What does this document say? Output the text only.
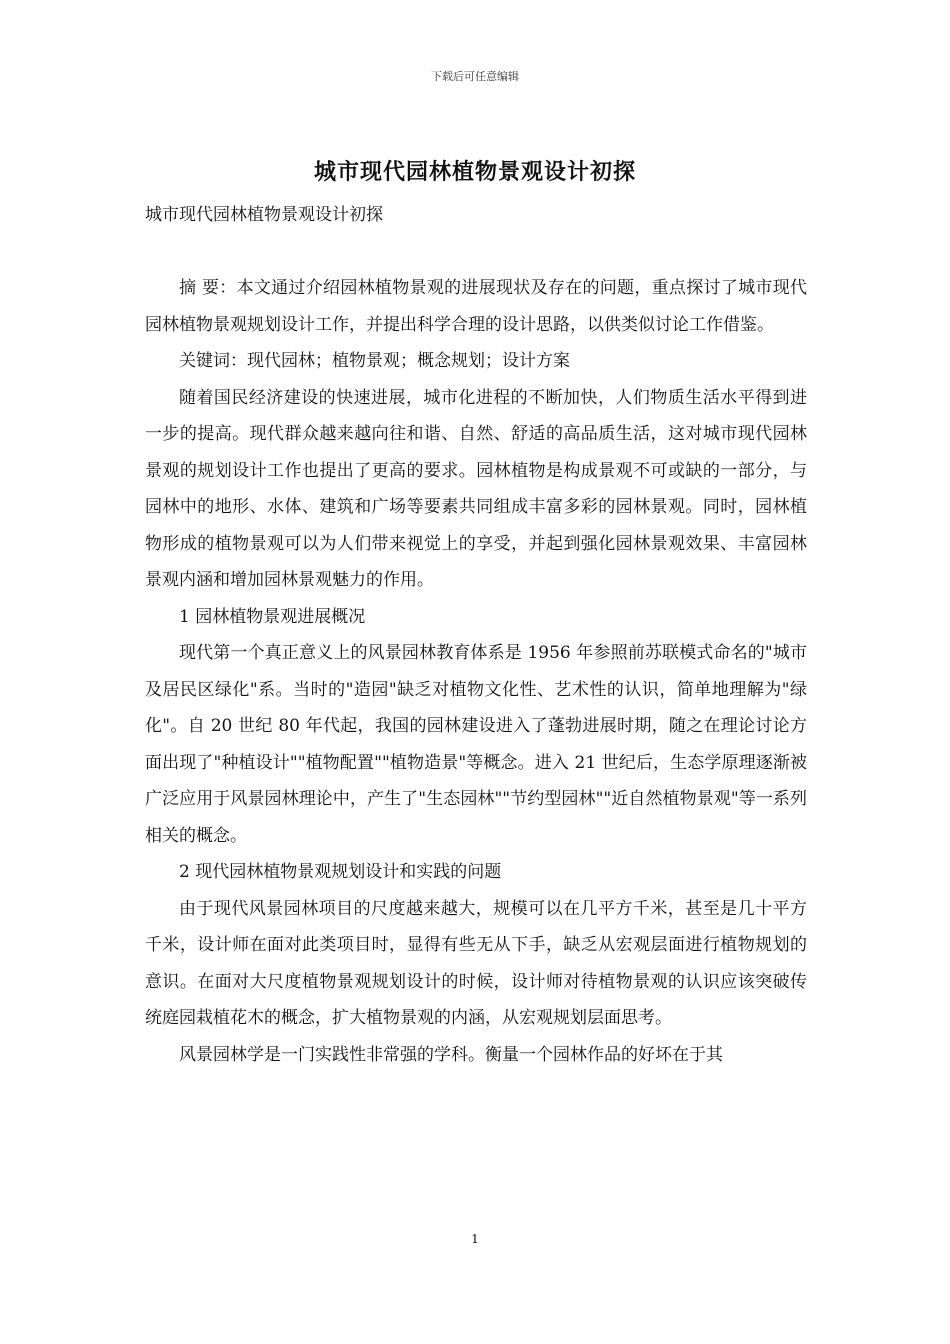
下载后可任意编辑
城市现代园林植物景观设计初探
城市现代园林植物景观设计初探

摘 要：本文通过介绍园林植物景观的进展现状及存在的问题，重点探讨了城市现代园林植物景观规划设计工作，并提出科学合理的设计思路，以供类似讨论工作借鉴。

关键词：现代园林；植物景观；概念规划；设计方案

随着国民经济建设的快速进展，城市化进程的不断加快，人们物质生活水平得到进一步的提高。现代群众越来越向往和谐、自然、舒适的高品质生活，这对城市现代园林景观的规划设计工作也提出了更高的要求。园林植物是构成景观不可或缺的一部分，与园林中的地形、水体、建筑和广场等要素共同组成丰富多彩的园林景观。同时，园林植物形成的植物景观可以为人们带来视觉上的享受，并起到强化园林景观效果、丰富园林景观内涵和增加园林景观魅力的作用。

1 园林植物景观进展概况

现代第一个真正意义上的风景园林教育体系是 1956 年参照前苏联模式命名的"城市及居民区绿化"系。当时的"造园"缺乏对植物文化性、艺术性的认识，简单地理解为"绿化"。自 20 世纪 80 年代起，我国的园林建设进入了蓬勃进展时期，随之在理论讨论方面出现了"种植设计""植物配置""植物造景"等概念。进入 21 世纪后，生态学原理逐渐被广泛应用于风景园林理论中，产生了"生态园林""节约型园林""近自然植物景观"等一系列相关的概念。

2 现代园林植物景观规划设计和实践的问题

由于现代风景园林项目的尺度越来越大，规模可以在几平方千米，甚至是几十平方千米，设计师在面对此类项目时，显得有些无从下手，缺乏从宏观层面进行植物规划的意识。在面对大尺度植物景观规划设计的时候，设计师对待植物景观的认识应该突破传统庭园栽植花木的概念，扩大植物景观的内涵，从宏观规划层面思考。

风景园林学是一门实践性非常强的学科。衡量一个园林作品的好坏在于其

1
